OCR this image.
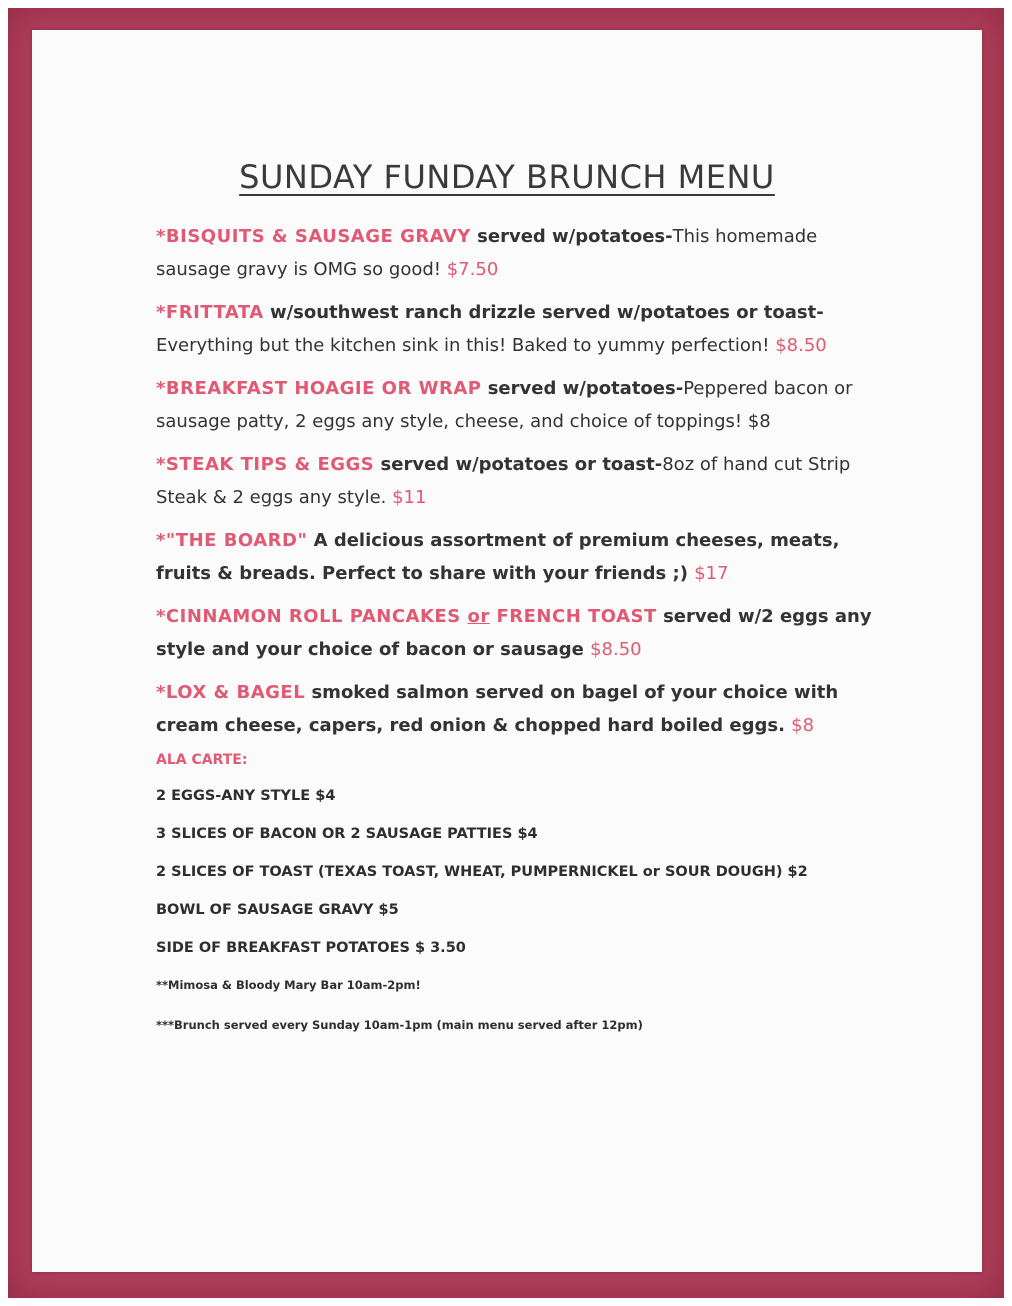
SUNDAY FUNDAY BRUNCH MENU
*BISQUITS & SAUSAGE GRAVY served w/potatoes-This homemade sausage gravy is OMG so good! $7.50
*FRITTATA w/southwest ranch drizzle served w/potatoes or toast-Everything but the kitchen sink in this! Baked to yummy perfection! $8.50
*BREAKFAST HOAGIE OR WRAP served w/potatoes-Peppered bacon or sausage patty, 2 eggs any style, cheese, and choice of toppings! $8
*STEAK TIPS & EGGS served w/potatoes or toast-8oz of hand cut Strip Steak & 2 eggs any style. $11
*"THE BOARD" A delicious assortment of premium cheeses, meats, fruits & breads. Perfect to share with your friends ;) $17
*CINNAMON ROLL PANCAKES or FRENCH TOAST served w/2 eggs any style and your choice of bacon or sausage $8.50
*LOX & BAGEL smoked salmon served on bagel of your choice with cream cheese, capers, red onion & chopped hard boiled eggs. $8
ALA CARTE:
2 EGGS-ANY STYLE $4
3 SLICES OF BACON OR 2 SAUSAGE PATTIES $4
2 SLICES OF TOAST (TEXAS TOAST, WHEAT, PUMPERNICKEL or SOUR DOUGH) $2
BOWL OF SAUSAGE GRAVY $5
SIDE OF BREAKFAST POTATOES $ 3.50
**Mimosa & Bloody Mary Bar 10am-2pm!
***Brunch served every Sunday 10am-1pm (main menu served after 12pm)
